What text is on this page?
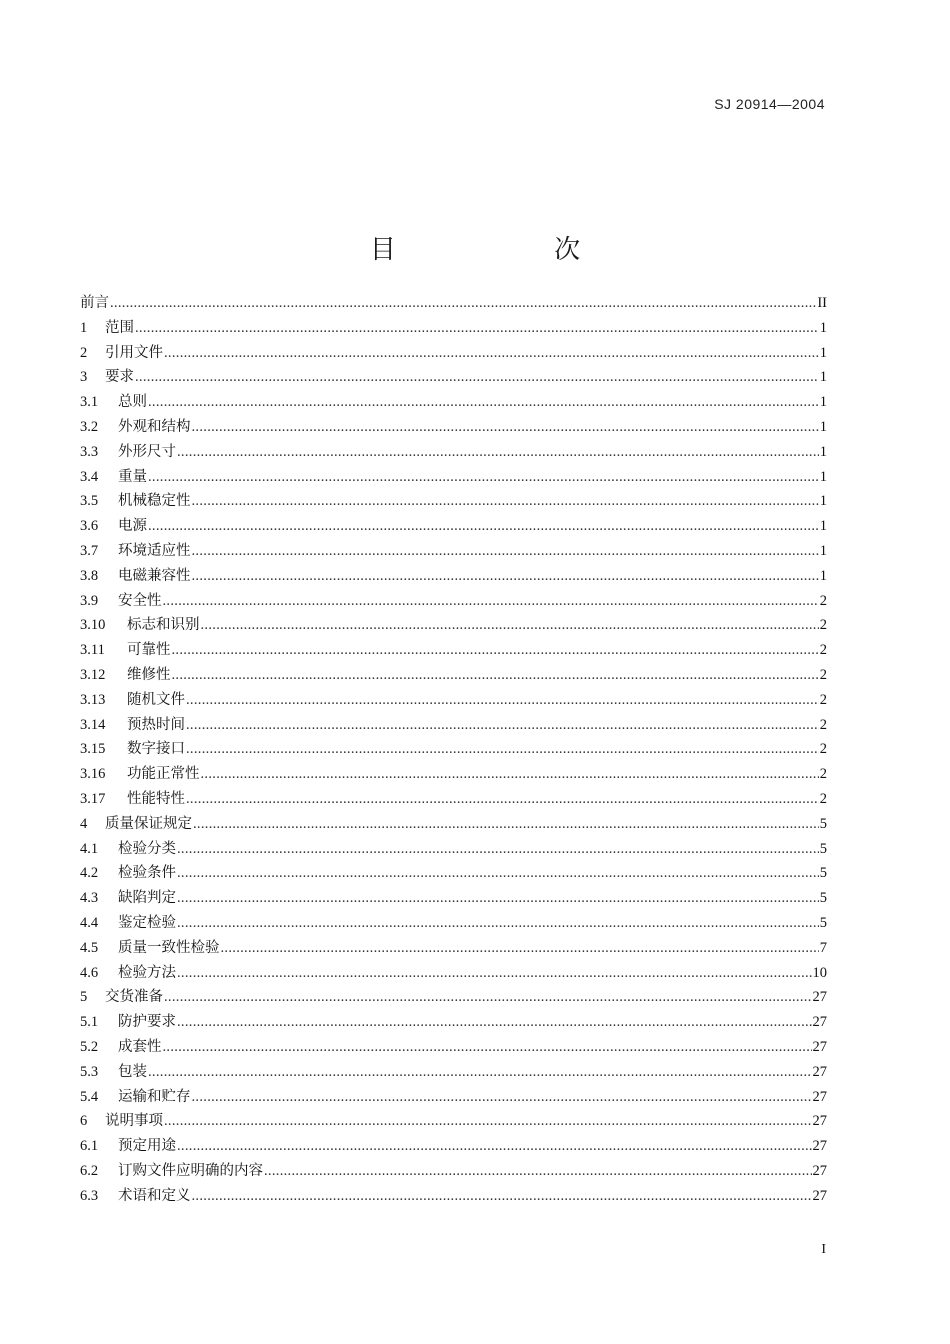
SJ 20914—2004
目 次
前言 .....	II
1	范围 .....	1
2	引用文件 .....	1
3	要求 .....	1
3.1	总则 .....	1
3.2	外观和结构 .....	1
3.3	外形尺寸 .....	1
3.4	重量 .....	1
3.5	机械稳定性 .....	1
3.6	电源 .....	1
3.7	环境适应性 .....	1
3.8	电磁兼容性 .....	1
3.9	安全性 .....	2
3.10	标志和识别 .....	2
3.11	可靠性 .....	2
3.12	维修性 .....	2
3.13	随机文件 .....	2
3.14	预热时间 .....	2
3.15	数字接口 .....	2
3.16	功能正常性 .....	2
3.17	性能特性 .....	2
4	质量保证规定 .....	5
4.1	检验分类 .....	5
4.2	检验条件 .....	5
4.3	缺陷判定 .....	5
4.4	鉴定检验 .....	5
4.5	质量一致性检验 .....	7
4.6	检验方法 .....	10
5	交货准备 .....	27
5.1	防护要求 .....	27
5.2	成套性 .....	27
5.3	包装 .....	27
5.4	运输和贮存 .....	27
6	说明事项 .....	27
6.1	预定用途 .....	27
6.2	订购文件应明确的内容 .....	27
6.3	术语和定义 .....	27
I
